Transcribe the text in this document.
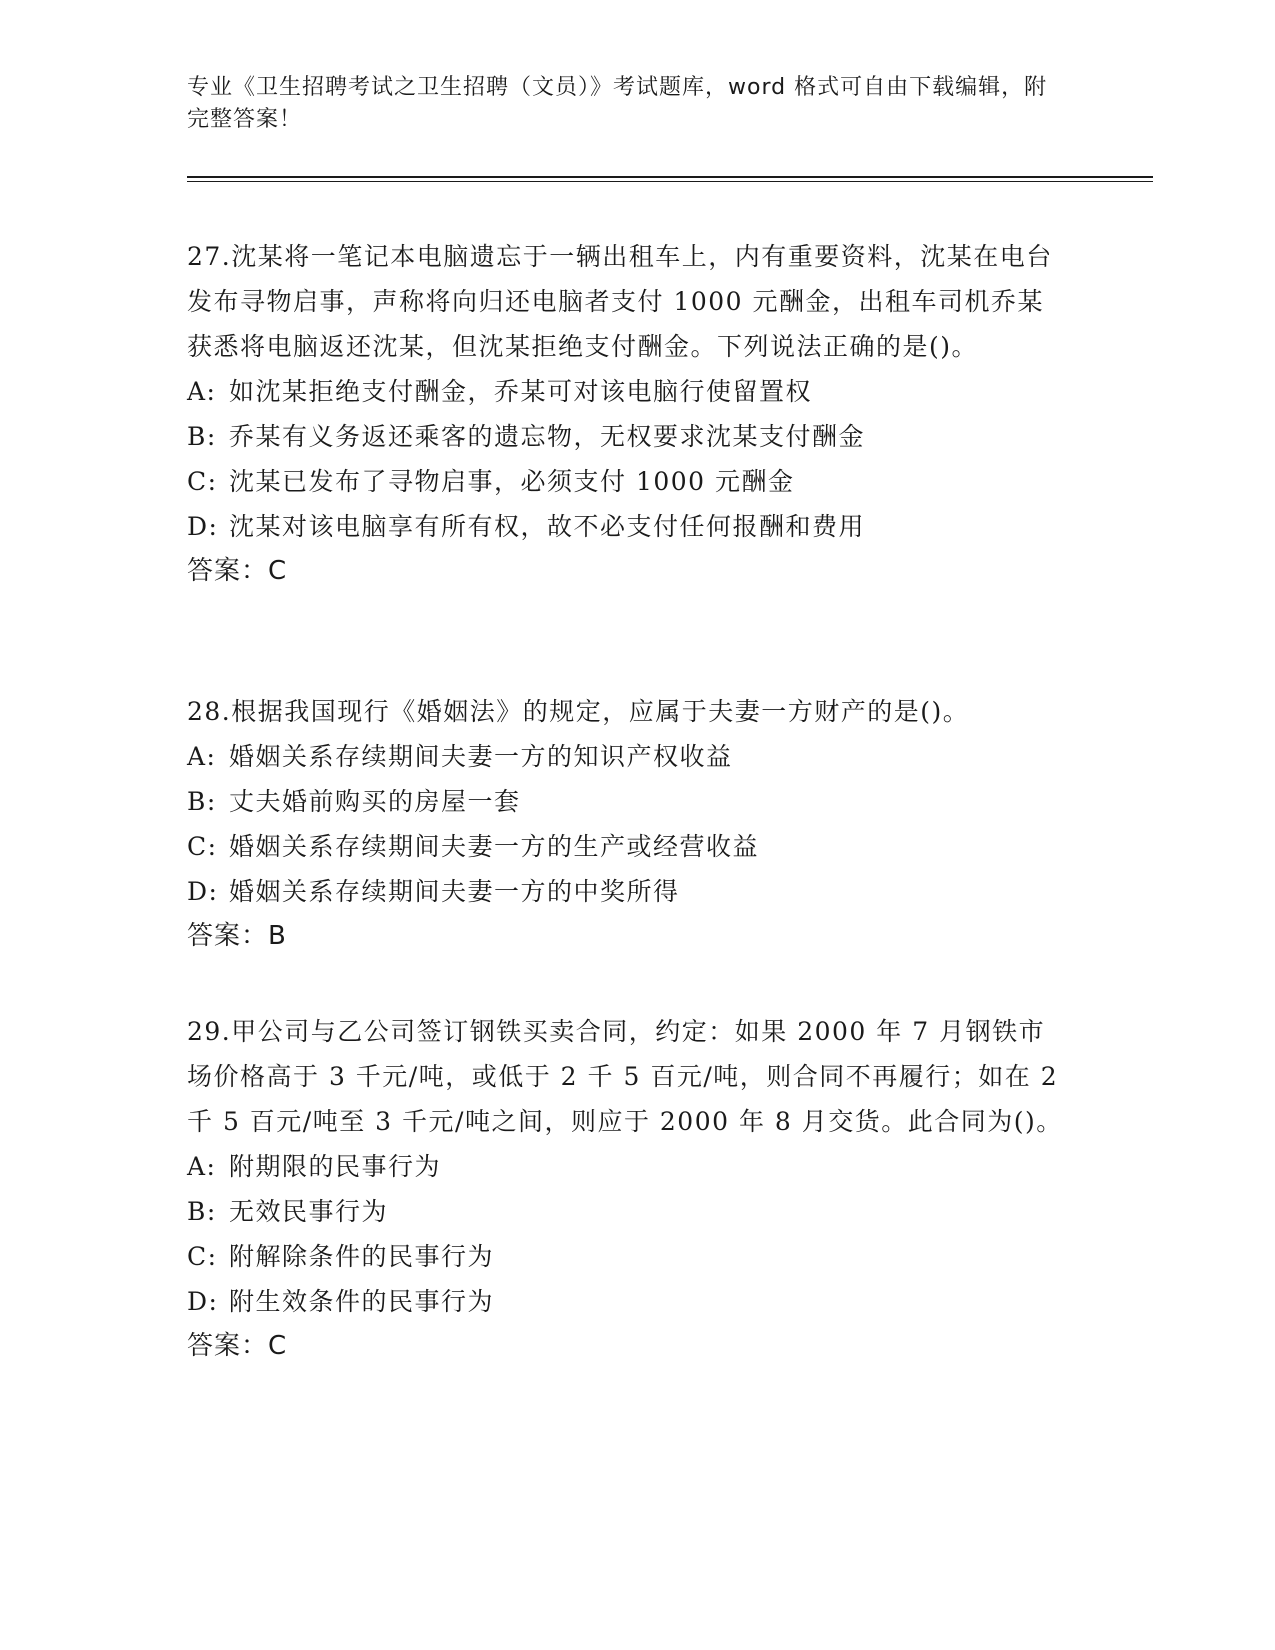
专业《卫生招聘考试之卫生招聘（文员）》考试题库，word 格式可自由下载编辑，附完整答案！

27.沈某将一笔记本电脑遗忘于一辆出租车上，内有重要资料，沈某在电台发布寻物启事，声称将向归还电脑者支付 1000 元酬金，出租车司机乔某获悉将电脑返还沈某，但沈某拒绝支付酬金。下列说法正确的是()。

A: 如沈某拒绝支付酬金，乔某可对该电脑行使留置权
B: 乔某有义务返还乘客的遗忘物，无权要求沈某支付酬金
C: 沈某已发布了寻物启事，必须支付 1000 元酬金
D: 沈某对该电脑享有所有权，故不必支付任何报酬和费用
答案：C

28.根据我国现行《婚姻法》的规定，应属于夫妻一方财产的是()。

A: 婚姻关系存续期间夫妻一方的知识产权收益
B: 丈夫婚前购买的房屋一套
C: 婚姻关系存续期间夫妻一方的生产或经营收益
D: 婚姻关系存续期间夫妻一方的中奖所得
答案：B

29.甲公司与乙公司签订钢铁买卖合同，约定：如果 2000 年 7 月钢铁市场价格高于 3 千元/吨，或低于 2 千 5 百元/吨，则合同不再履行；如在 2 千 5 百元/吨至 3 千元/吨之间，则应于 2000 年 8 月交货。此合同为()。

A: 附期限的民事行为
B: 无效民事行为
C: 附解除条件的民事行为
D: 附生效条件的民事行为
答案：C
